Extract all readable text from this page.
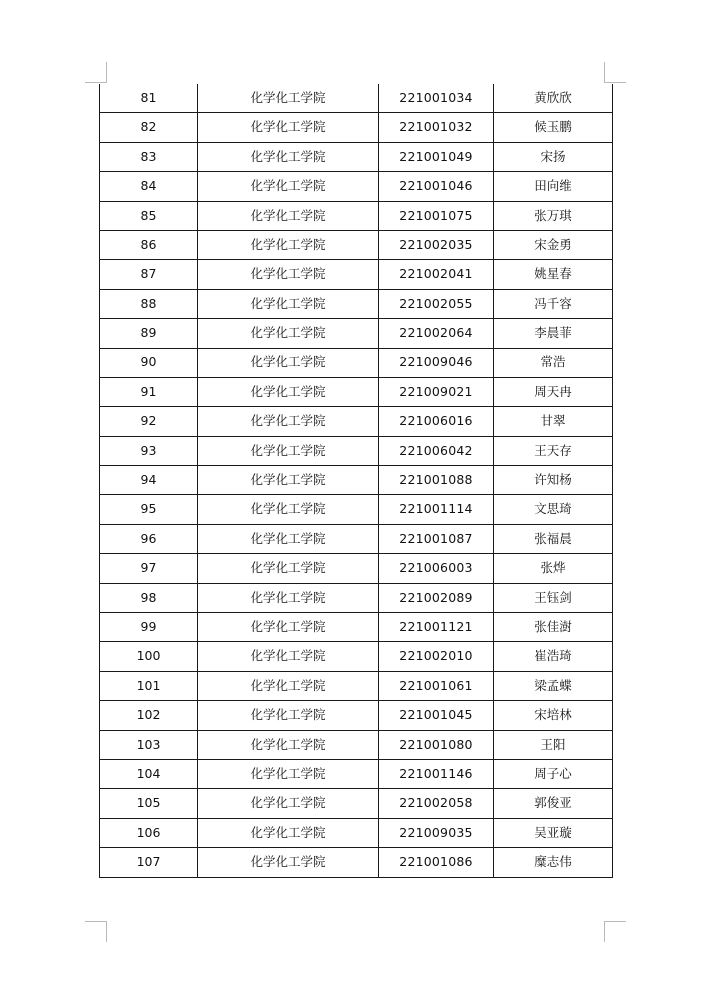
81	化学化工学院	221001034	黄欣欣
82	化学化工学院	221001032	候玉鹏
83	化学化工学院	221001049	宋扬
84	化学化工学院	221001046	田向维
85	化学化工学院	221001075	张万琪
86	化学化工学院	221002035	宋金勇
87	化学化工学院	221002041	姚星春
88	化学化工学院	221002055	冯千容
89	化学化工学院	221002064	李晨菲
90	化学化工学院	221009046	常浩
91	化学化工学院	221009021	周天冉
92	化学化工学院	221006016	甘翠
93	化学化工学院	221006042	王天存
94	化学化工学院	221001088	许知杨
95	化学化工学院	221001114	文思琦
96	化学化工学院	221001087	张福晨
97	化学化工学院	221006003	张烨
98	化学化工学院	221002089	王钰剑
99	化学化工学院	221001121	张佳澍
100	化学化工学院	221002010	崔浩琦
101	化学化工学院	221001061	梁孟蝶
102	化学化工学院	221001045	宋培林
103	化学化工学院	221001080	王阳
104	化学化工学院	221001146	周子心
105	化学化工学院	221002058	郭俊亚
106	化学化工学院	221009035	吴亚璇
107	化学化工学院	221001086	糜志伟
